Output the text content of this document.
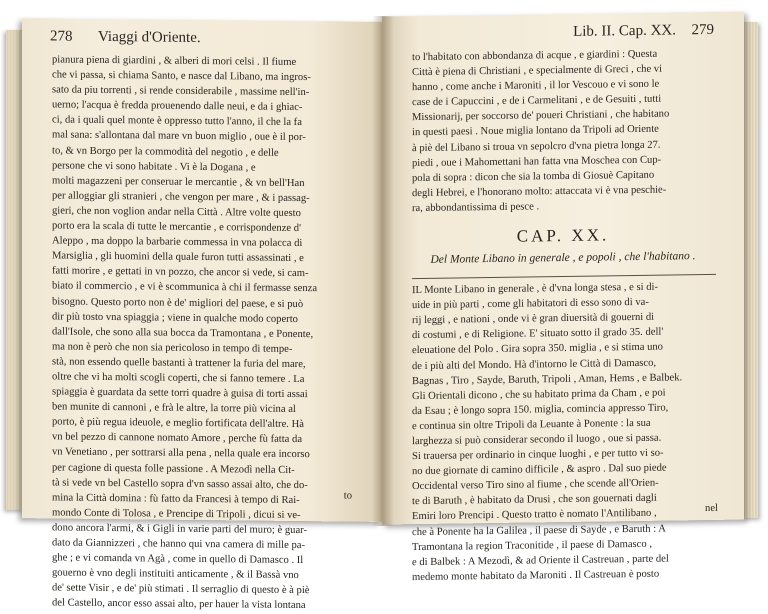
278 Viaggi d'Oriente.
pianura piena di giardini , & alberi di mori celsi . Il fiume
che vi passa, si chiama Santo, e nasce dal Libano, ma ingros-
sato da piu torrenti , si rende considerabile , massime nell'in-
uerno; l'acqua è fredda prouenendo dalle neui, e da i ghiac-
ci, da i quali quel monte è oppresso tutto l'anno, il che la fa
mal sana: s'allontana dal mare vn buon miglio , oue è il por-
to, & vn Borgo per la commodità del negotio , e delle
persone che vi sono habitate . Vi è la Dogana , e
molti magazzeni per conseruar le mercantie , & vn bell'Han
per alloggiar gli stranieri , che vengon per mare , & i passag-
gieri, che non voglion andar nella Città . Altre volte questo
porto era la scala di tutte le mercantie , e corrispondenze d'
Aleppo , ma doppo la barbarie commessa in vna polacca di
Marsiglia , gli huomini della quale furon tutti assassinati , e
fatti morire , e gettati in vn pozzo, che ancor si vede, si cam-
biato il commercio , e vi è scommunica à chi il fermasse senza
bisogno. Questo porto non è de' migliori del paese, e si può
dir più tosto vna spiaggia ; viene in qualche modo coperto
dall'Isole, che sono alla sua bocca da Tramontana , e Ponente,
ma non è però che non sia pericoloso in tempo di tempe-
stà, non essendo quelle bastanti à trattener la furia del mare,
oltre che vi ha molti scogli coperti, che si fanno temere . La
spiaggia è guardata da sette torri quadre à guisa di torti assai
ben munite di cannoni , e frà le altre, la torre più vicina al
porto, è più regua ideuole, e meglio fortificata dell'altre. Hà
vn bel pezzo di cannone nomato Amore , perche fù fatta da
vn Venetiano , per sottrarsi alla pena , nella quale era incorso
per cagione di questa folle passione . A Mezodì nella Cit-
tà si vede vn bel Castello sopra d'vn sasso assai alto, che do-
mina la Città domina : fù fatto da Francesi à tempo di Rai-
mondo Conte di Tolosa , e Prencipe di Tripoli , dicui si ve-
dono ancora l'armi, & i Gigli in varie parti del muro; è guar-
dato da Giannizzeri , che hanno qui vna camera di mille pa-
ghe ; e vi comanda vn Agà , come in quello di Damasco . Il
gouerno è vno degli instituiti anticamente , & il Bassà vno
de' sette Visir , e de' più stimati . Il serraglio di questo è à piè
del Castello, ancor esso assai alto, per hauer la vista lontana
to
Lib. II. Cap. XX. 279
to l'habitato con abbondanza di acque , e giardini : Questa
Città è piena di Christiani , e specialmente di Greci , che vi
hanno , come anche i Maroniti , il lor Vescouo e vi sono le
case de i Capuccini , e de i Carmelitani , e de Gesuiti , tutti
Missionarij, per soccorso de' poueri Christiani , che habitano
in questi paesi . Noue miglia lontano da Tripoli ad Oriente
à piè del Libano si troua vn sepolcro d'vna pietra longa 27.
piedi , oue i Mahomettani han fatta vna Moschea con Cup-
pola di sopra : dicon che sia la tomba di Giosuè Capitano
degli Hebrei, e l'honorano molto: attaccata vi è vna peschie-
ra, abbondantissima di pesce .
CAP. XX.
Del Monte Libano in generale , e popoli , che l'habitano .
IL Monte Libano in generale , è d'vna longa stesa , e si di-
uide in più parti , come gli habitatori di esso sono di va-
rij leggi , e nationi , onde vi è gran diuersità di gouerni di
di costumi , e di Religione. E' situato sotto il grado 35. dell'
eleuatione del Polo . Gira sopra 350. miglia , e si stima uno
de i più alti del Mondo. Hà d'intorno le Città di Damasco,
Bagnas , Tiro , Sayde, Baruth, Tripoli , Aman, Hems , e Balbek.
Gli Orientali dicono , che su habitato prima da Cham , e poi
da Esau ; è longo sopra 150. miglia, comincia appresso Tiro,
e continua sin oltre Tripoli da Leuante à Ponente : la sua
larghezza si può considerar secondo il luogo , oue si passa.
Si trauersa per ordinario in cinque luoghi , e per tutto vi so-
no due giornate di camino difficile , & aspro . Dal suo piede
Occidental verso Tiro sino al fiume , che scende all'Orien-
te di Baruth , è habitato da Drusi , che son gouernati dagli
Emiri loro Prencipi . Questo tratto è nomato l'Antilibano ,
che à Ponente ha la Galilea , il paese di Sayde , e Baruth : A
Tramontana la region Traconitide , il paese di Damasco ,
e di Balbek : A Mezodì, & ad Oriente il Castreuan , parte del
medemo monte habitato da Maroniti . Il Castreuan è posto
nel
